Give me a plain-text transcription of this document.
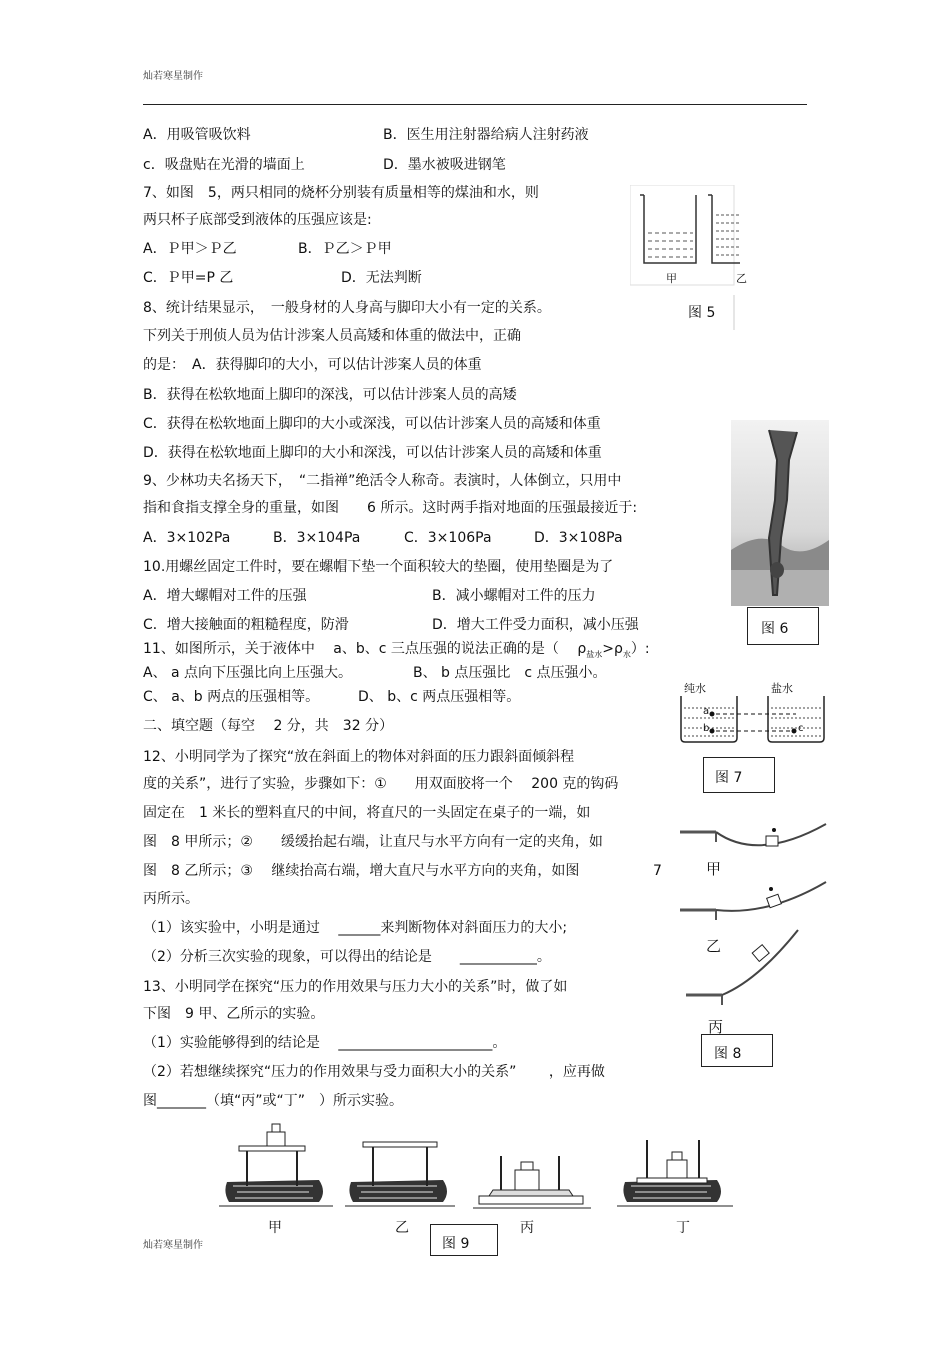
灿若寒星制作
A．用吸管吸饮料	B．医生用注射器给病人注射药液
c．吸盘贴在光滑的墙面上	D．墨水被吸进钢笔
7、如图　5，两只相同的烧杯分别装有质量相等的煤油和水，则
两只杯子底部受到液体的压强应该是:
A．Ｐ甲＞Ｐ乙	B．Ｐ乙＞Ｐ甲
C．Ｐ甲=P 乙	D．无法判断
8、统计结果显示，　一般身材的人身高与脚印大小有一定的关系。
下列关于刑侦人员为估计涉案人员高矮和体重的做法中，正确
的是：　A．获得脚印的大小，可以估计涉案人员的体重
B．获得在松软地面上脚印的深浅，可以估计涉案人员的高矮
C．获得在松软地面上脚印的大小或深浅，可以估计涉案人员的高矮和体重
D．获得在松软地面上脚印的大小和深浅，可以估计涉案人员的高矮和体重
9、少林功夫名扬天下，　“二指禅”绝活令人称奇。表演时，人体倒立，只用中
指和食指支撑全身的重量，如图　　6 所示。这时两手指对地面的压强最接近于:
A．3×102Pa	B．3×104Pa	C．3×106Pa	D．3×108Pa
10.用螺丝固定工件时，要在螺帽下垫一个面积较大的垫圈，使用垫圈是为了
A．增大螺帽对工件的压强	B．减小螺帽对工件的压力
C．增大接触面的粗糙程度，防滑	D．增大工件受力面积，减小压强
11、如图所示，关于液体中　 a、b、c 三点压强的说法正确的是（　 $\rho_{盐水}>\rho_水$）:
A、 a 点向下压强比向上压强大。	B、 b 点压强比　c 点压强小。
C、 a、b 两点的压强相等。	D、 b、c 两点压强相等。
二、填空题（每空　 2 分，共　32 分）
12、小明同学为了探究“放在斜面上的物体对斜面的压力跟斜面倾斜程
度的关系”，进行了实验，步骤如下：①　　用双面胶将一个　 200 克的钩码
固定在　1 米长的塑料直尺的中间，将直尺的一头固定在桌子的一端，如
图　8 甲所示；②　　缓缓抬起右端，让直尺与水平方向有一定的夹角，如
图　8 乙所示；③　 继续抬高右端，增大直尺与水平方向的夹角，如图	7
丙所示。
（1）该实验中，小明是通过　 ______来判断物体对斜面压力的大小;
（2）分析三次实验的现象，可以得出的结论是　　___________。
13、小明同学在探究“压力的作用效果与压力大小的关系”时，做了如
下图　9 甲、乙所示的实验。
（1）实验能够得到的结论是　 ______________________。
（2）若想继续探究“压力的作用效果与受力面积大小的关系”　　 ，应再做
图_______（填“丙”或“丁”　）所示实验。
甲	乙
图 5
图 6
纯水	盐水
a
b	c
图 7
甲
乙
丙
图 8
甲	乙	丙	丁
图 9
灿若寒星制作
